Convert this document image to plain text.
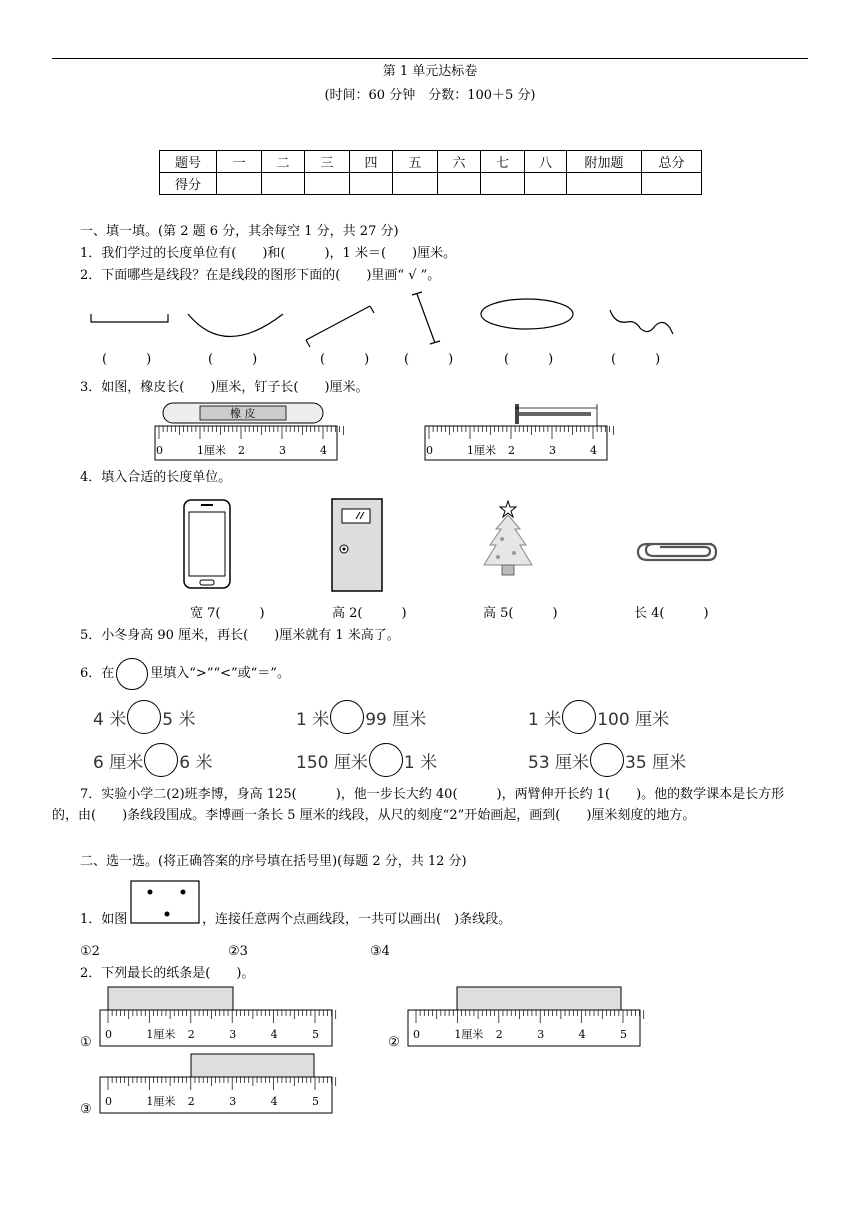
第 1 单元达标卷
(时间：60 分钟　分数：100＋5 分)
题号	一	二	三	四	五	六	七	八	附加题	总分
得分										
一、填一填。(第 2 题 6 分，其余每空 1 分，共 27 分)
1．我们学过的长度单位有(　　)和(　　　)，1 米＝(　　)厘米。
2．下面哪些是线段？在是线段的图形下面的(　　)里画“ √ ”。
(　　　)	(　　　)	(　　　)	(　　　)	(　　　)	(　　　)
3．如图，橡皮长(　　)厘米，钉子长(　　)厘米。
橡 皮
0	1厘米 2	3	4	0	1厘米 2	3	4
4．填入合适的长度单位。
宽 7(　　　)	高 2(　　　)	高 5(　　　)	长 4(　　　)
5．小冬身高 90 厘米，再长(　　)厘米就有 1 米高了。
6．在	里填入“>”“<”或“＝”。
4 米 5 米	1 米 99 厘米	1 米 100 厘米
6 厘米 6 米	150 厘米 1 米	53 厘米 35 厘米
7．实验小学二(2)班李博，身高 125(　　　)，他一步长大约 40(　　　)，两臂伸开长约 1(　　)。他的数学课本是长方形的，由(　　)条线段围成。李博画一条长 5 厘米的线段，从尺的刻度“2”开始画起，画到(　　)厘米刻度的地方。
二、选一选。(将正确答案的序号填在括号里)(每题 2 分，共 12 分)
1．如图	，连接任意两个点画线段，一共可以画出(　)条线段。
①2	②3	③4
2．下列最长的纸条是(　　)。
0	1厘米 2	3	4	5
①
0	1厘米 2	3	4	5
②
0	1厘米 2	3	4	5
③
